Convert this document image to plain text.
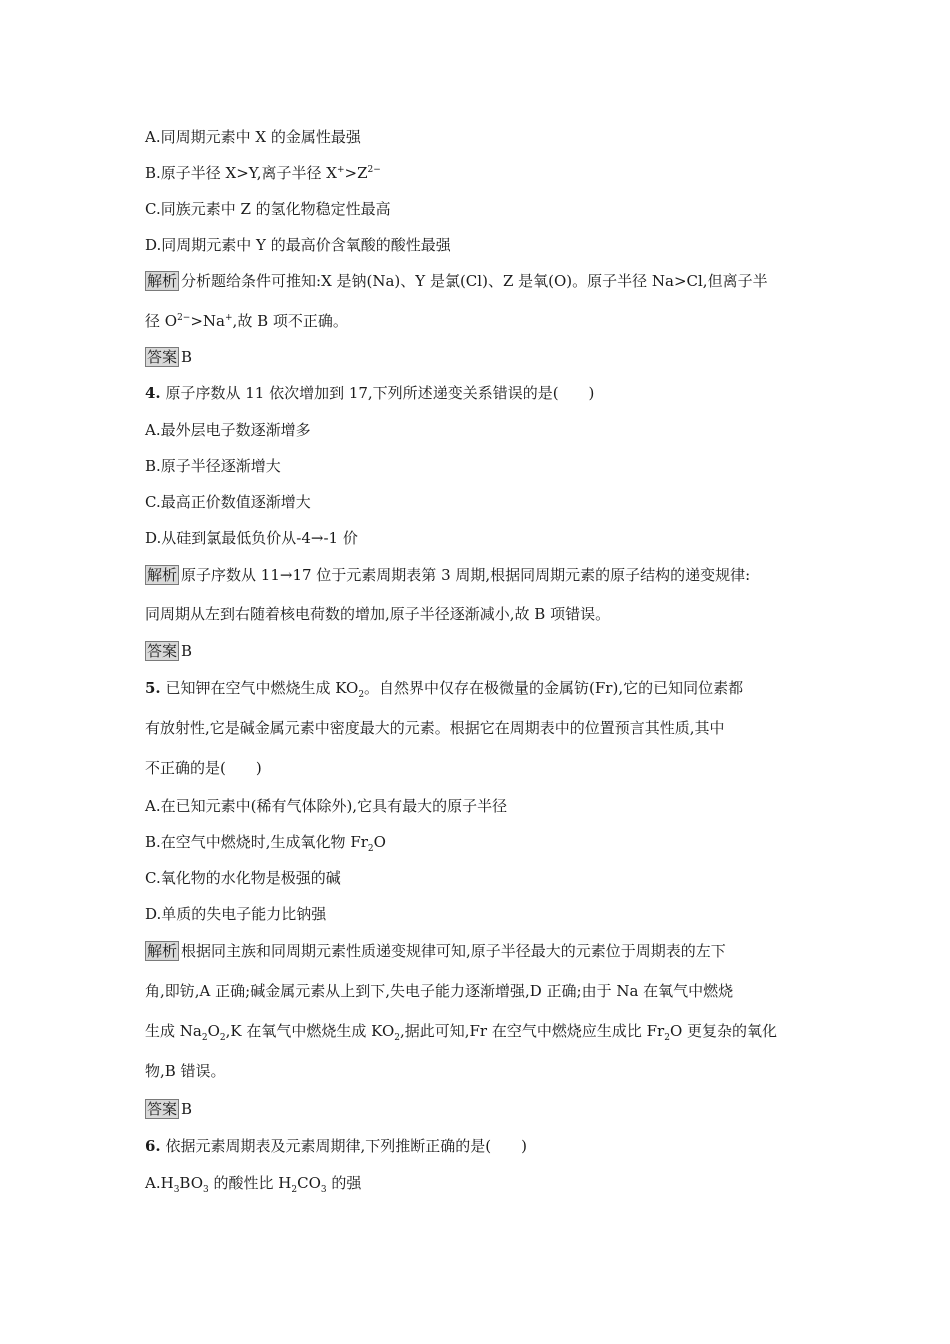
A.同周期元素中 X 的金属性最强
B.原子半径 X>Y,离子半径 $X^+>Z^{2-}$
C.同族元素中 Z 的氢化物稳定性最高
D.同周期元素中 Y 的最高价含氧酸的酸性最强
解析 分析题给条件可推知:X 是钠(Na)、Y 是氯(Cl)、Z 是氧(O)。原子半径 Na>Cl,但离子半
径 $O^{2-}>Na^+$,故 B 项不正确。
答案 B
4. 原子序数从 11 依次增加到 17,下列所述递变关系错误的是(　　)
A.最外层电子数逐渐增多
B.原子半径逐渐增大
C.最高正价数值逐渐增大
D.从硅到氯最低负价从-4→-1 价
解析 原子序数从 11→17 位于元素周期表第 3 周期,根据同周期元素的原子结构的递变规律:
同周期从左到右随着核电荷数的增加,原子半径逐渐减小,故 B 项错误。
答案 B
5. 已知钾在空气中燃烧生成 $KO_2$。自然界中仅存在极微量的金属钫(Fr),它的已知同位素都
有放射性,它是碱金属元素中密度最大的元素。根据它在周期表中的位置预言其性质,其中
不正确的是(　　)
A.在已知元素中(稀有气体除外),它具有最大的原子半径
B.在空气中燃烧时,生成氧化物 $Fr_2O$
C.氧化物的水化物是极强的碱
D.单质的失电子能力比钠强
解析 根据同主族和同周期元素性质递变规律可知,原子半径最大的元素位于周期表的左下
角,即钫,A 正确;碱金属元素从上到下,失电子能力逐渐增强,D 正确;由于 Na 在氧气中燃烧
生成 $Na_2O_2,K$ 在氧气中燃烧生成 $KO_2$,据此可知,Fr 在空气中燃烧应生成比 $Fr_2O$ 更复杂的氧化
物,B 错误。
答案 B
6. 依据元素周期表及元素周期律,下列推断正确的是(　　)
$A.H_3BO_3$ 的酸性比 $H_2CO_3$ 的强
